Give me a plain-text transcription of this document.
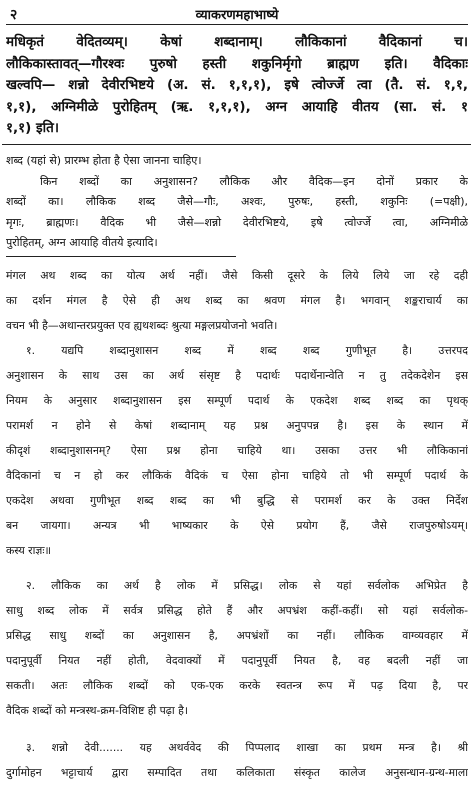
२	व्याकरणमहाभाष्ये
मधिकृतं वेदितव्यम्। केषां शब्दानाम्। लौकिकानां वैदिकानां च।
लौकिकास्तावत्—गौरश्वः पुरुषो हस्ती शकुनिर्मृगो ब्राह्मण इति। वैदिकाः
खल्वपि— शन्नो देवीरभिष्टये (अ. सं. १,१,१), इषे त्वोर्ज्जे त्वा (तै. सं. १,१,
१,१), अग्निमीळे पुरोहितम् (ऋ. १,१,१), अग्न आयाहि वीतय (सा. सं. १
१,१) इति।
शब्द (यहां से) प्रारम्भ होता है ऐसा जानना चाहिए।
किन शब्दों का अनुशासन? लौकिक और वैदिक—इन दोनों प्रकार के
शब्दों का। लौकिक शब्द जैसे—गौः, अश्वः, पुरुषः, हस्ती, शकुनिः (=पक्षी),
मृगः, ब्राह्मणः। वैदिक भी जैसे—शन्नो देवीरभिष्टये, इषे त्वोर्ज्जे त्वा, अग्निमीळे
पुरोहितम्, अग्न आयाहि वीतये इत्यादि।
मंगल अथ शब्द का योत्य अर्थ नहीं। जैसे किसी दूसरे के लिये लिये जा रहे दही
का दर्शन मंगल है ऐसे ही अथ शब्द का श्रवण मंगल है। भगवान् शङ्कराचार्य का
वचन भी है—अथान्तरप्रयुक्त एव ह्यथशब्दः श्रुत्या मङ्गलप्रयोजनो भवति।
१. यद्यपि शब्दानुशासन शब्द में शब्द शब्द गुणीभूत है। उत्तरपद
अनुशासन के साथ उस का अर्थ संसृष्ट है पदार्थः पदार्थेनान्वेति न तु तदेकदेशेन इस
नियम के अनुसार शब्दानुशासन इस सम्पूर्ण पदार्थ के एकदेश शब्द शब्द का पृथक्
परामर्श न होने से केषां शब्दानाम् यह प्रश्न अनुपपन्न है। इस के स्थान में
कीदृशं शब्दानुशासनम्? ऐसा प्रश्न होना चाहिये था। उसका उत्तर भी लौकिकानां
वैदिकानां च न हो कर लौकिकं वैदिकं च ऐसा होना चाहिये तो भी सम्पूर्ण पदार्थ के
एकदेश अथवा गुणीभूत शब्द शब्द का भी बुद्धि से परामर्श कर के उक्त निर्देश
बन जायगा। अन्यत्र भी भाष्यकार के ऐसे प्रयोग हैं, जैसे राजपुरुषोऽयम्।
कस्य राज्ञः॥
२. लौकिक का अर्थ है लोक में प्रसिद्ध। लोक से यहां सर्वलोक अभिप्रेत है
साधु शब्द लोक में सर्वत्र प्रसिद्ध होते हैं और अपभ्रंश कहीं-कहीं। सो यहां सर्वलोक-
प्रसिद्ध साधु शब्दों का अनुशासन है, अपभ्रंशों का नहीं। लौकिक वाग्व्यवहार में
पदानुपूर्वी नियत नहीं होती, वेदवाक्यों में पदानुपूर्वी नियत है, वह बदली नहीं जा
सकती। अतः लौकिक शब्दों को एक-एक करके स्वतन्त्र रूप में पढ़ दिया है, पर
वैदिक शब्दों को मन्त्रस्थ-क्रम-विशिष्ट ही पढ़ा है।
३. शन्नो देवी....... यह अथर्ववेद की पिप्पलाद शाखा का प्रथम मन्त्र है। श्री
दुर्गामोहन भट्टाचार्य द्वारा सम्पादित तथा कलिकाता संस्कृत कालेज अनुसन्धान-ग्रन्थ-माला
